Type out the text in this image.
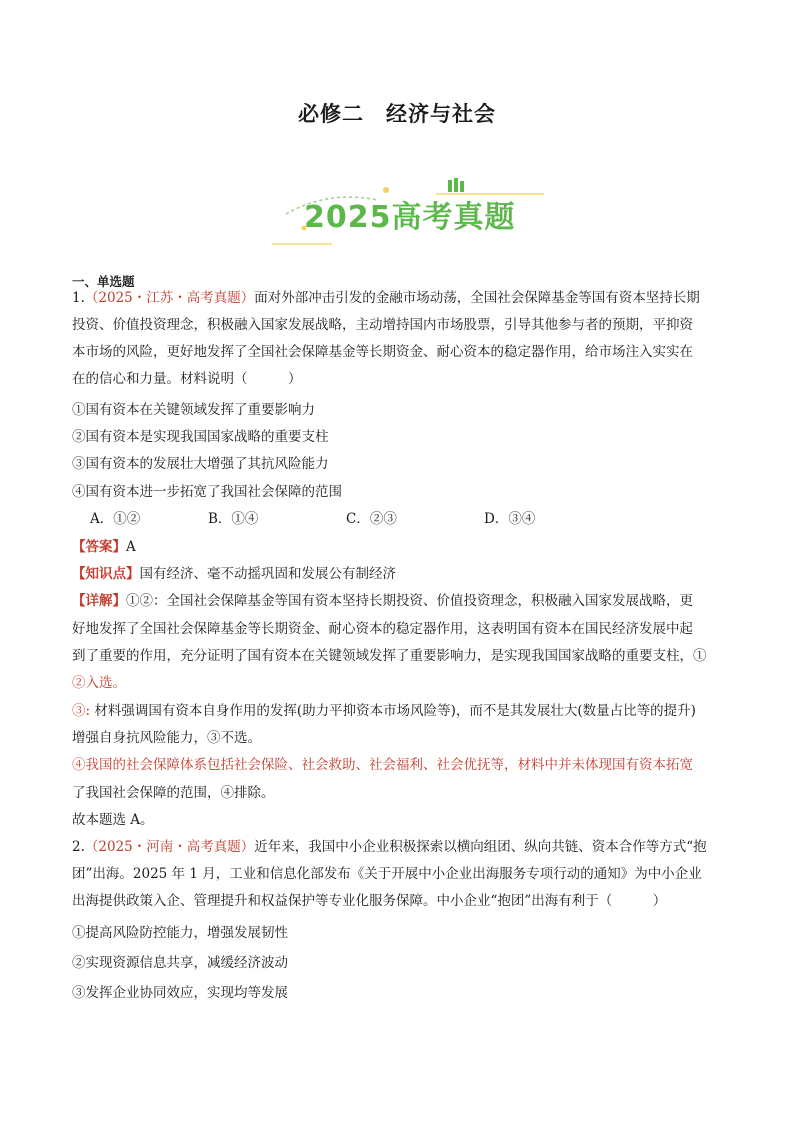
必修二　经济与社会
2025高考真题
一、单选题
1.（2025・江苏・高考真题）面对外部冲击引发的金融市场动荡，全国社会保障基金等国有资本坚持长期
投资、价值投资理念，积极融入国家发展战略，主动增持国内市场股票，引导其他参与者的预期，平抑资
本市场的风险，更好地发挥了全国社会保障基金等长期资金、耐心资本的稳定器作用，给市场注入实实在
在的信心和力量。材料说明（　　　）
①国有资本在关键领域发挥了重要影响力
②国有资本是实现我国国家战略的重要支柱
③国有资本的发展壮大增强了其抗风险能力
④国有资本进一步拓宽了我国社会保障的范围
A．①②	B．①④	C．②③	D．③④
【答案】A
【知识点】国有经济、毫不动摇巩固和发展公有制经济
【详解】①②：全国社会保障基金等国有资本坚持长期投资、价值投资理念，积极融入国家发展战略，更
好地发挥了全国社会保障基金等长期资金、耐心资本的稳定器作用，这表明国有资本在国民经济发展中起
到了重要的作用，充分证明了国有资本在关键领域发挥了重要影响力，是实现我国国家战略的重要支柱，①
②入选。
③: 材料强调国有资本自身作用的发挥(助力平抑资本市场风险等)，而不是其发展壮大(数量占比等的提升)
增强自身抗风险能力，③不选。
④我国的社会保障体系包括社会保险、社会救助、社会福利、社会优抚等，材料中并未体现国有资本拓宽
了我国社会保障的范围，④排除。
故本题选 A。
2.（2025・河南・高考真题）近年来，我国中小企业积极探索以横向组团、纵向共链、资本合作等方式“抱
团”出海。2025 年 1 月，工业和信息化部发布《关于开展中小企业出海服务专项行动的通知》为中小企业
出海提供政策入企、管理提升和权益保护等专业化服务保障。中小企业“抱团”出海有利于（　　　）
①提高风险防控能力，增强发展韧性
②实现资源信息共享，减缓经济波动
③发挥企业协同效应，实现均等发展
